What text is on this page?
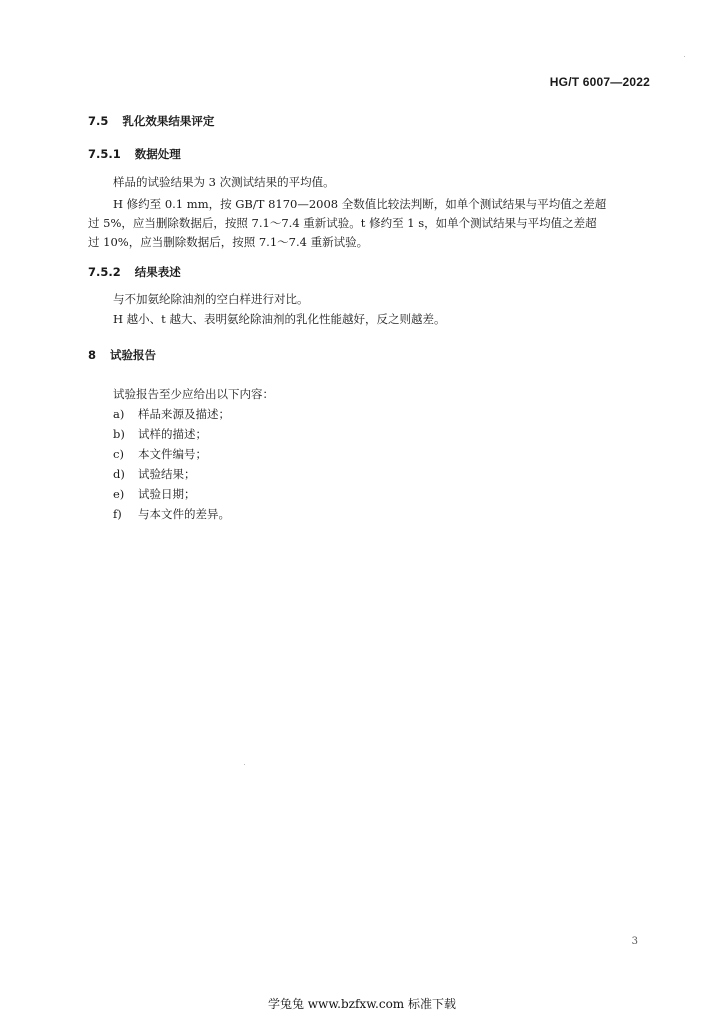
HG/T 6007—2022
7.5 乳化效果结果评定
7.5.1 数据处理
样品的试验结果为 3 次测试结果的平均值。
H 修约至 0.1 mm，按 GB/T 8170—2008 全数值比较法判断，如单个测试结果与平均值之差超
过 5%，应当删除数据后，按照 7.1～7.4 重新试验。t 修约至 1 s，如单个测试结果与平均值之差超
过 10%，应当删除数据后，按照 7.1～7.4 重新试验。
7.5.2 结果表述
与不加氨纶除油剂的空白样进行对比。
H 越小、t 越大、表明氨纶除油剂的乳化性能越好，反之则越差。
8 试验报告
试验报告至少应给出以下内容：
a) 样品来源及描述；
b) 试样的描述；
c) 本文件编号；
d) 试验结果；
e) 试验日期；
f) 与本文件的差异。
3
学兔兔 www.bzfxw.com 标准下载
